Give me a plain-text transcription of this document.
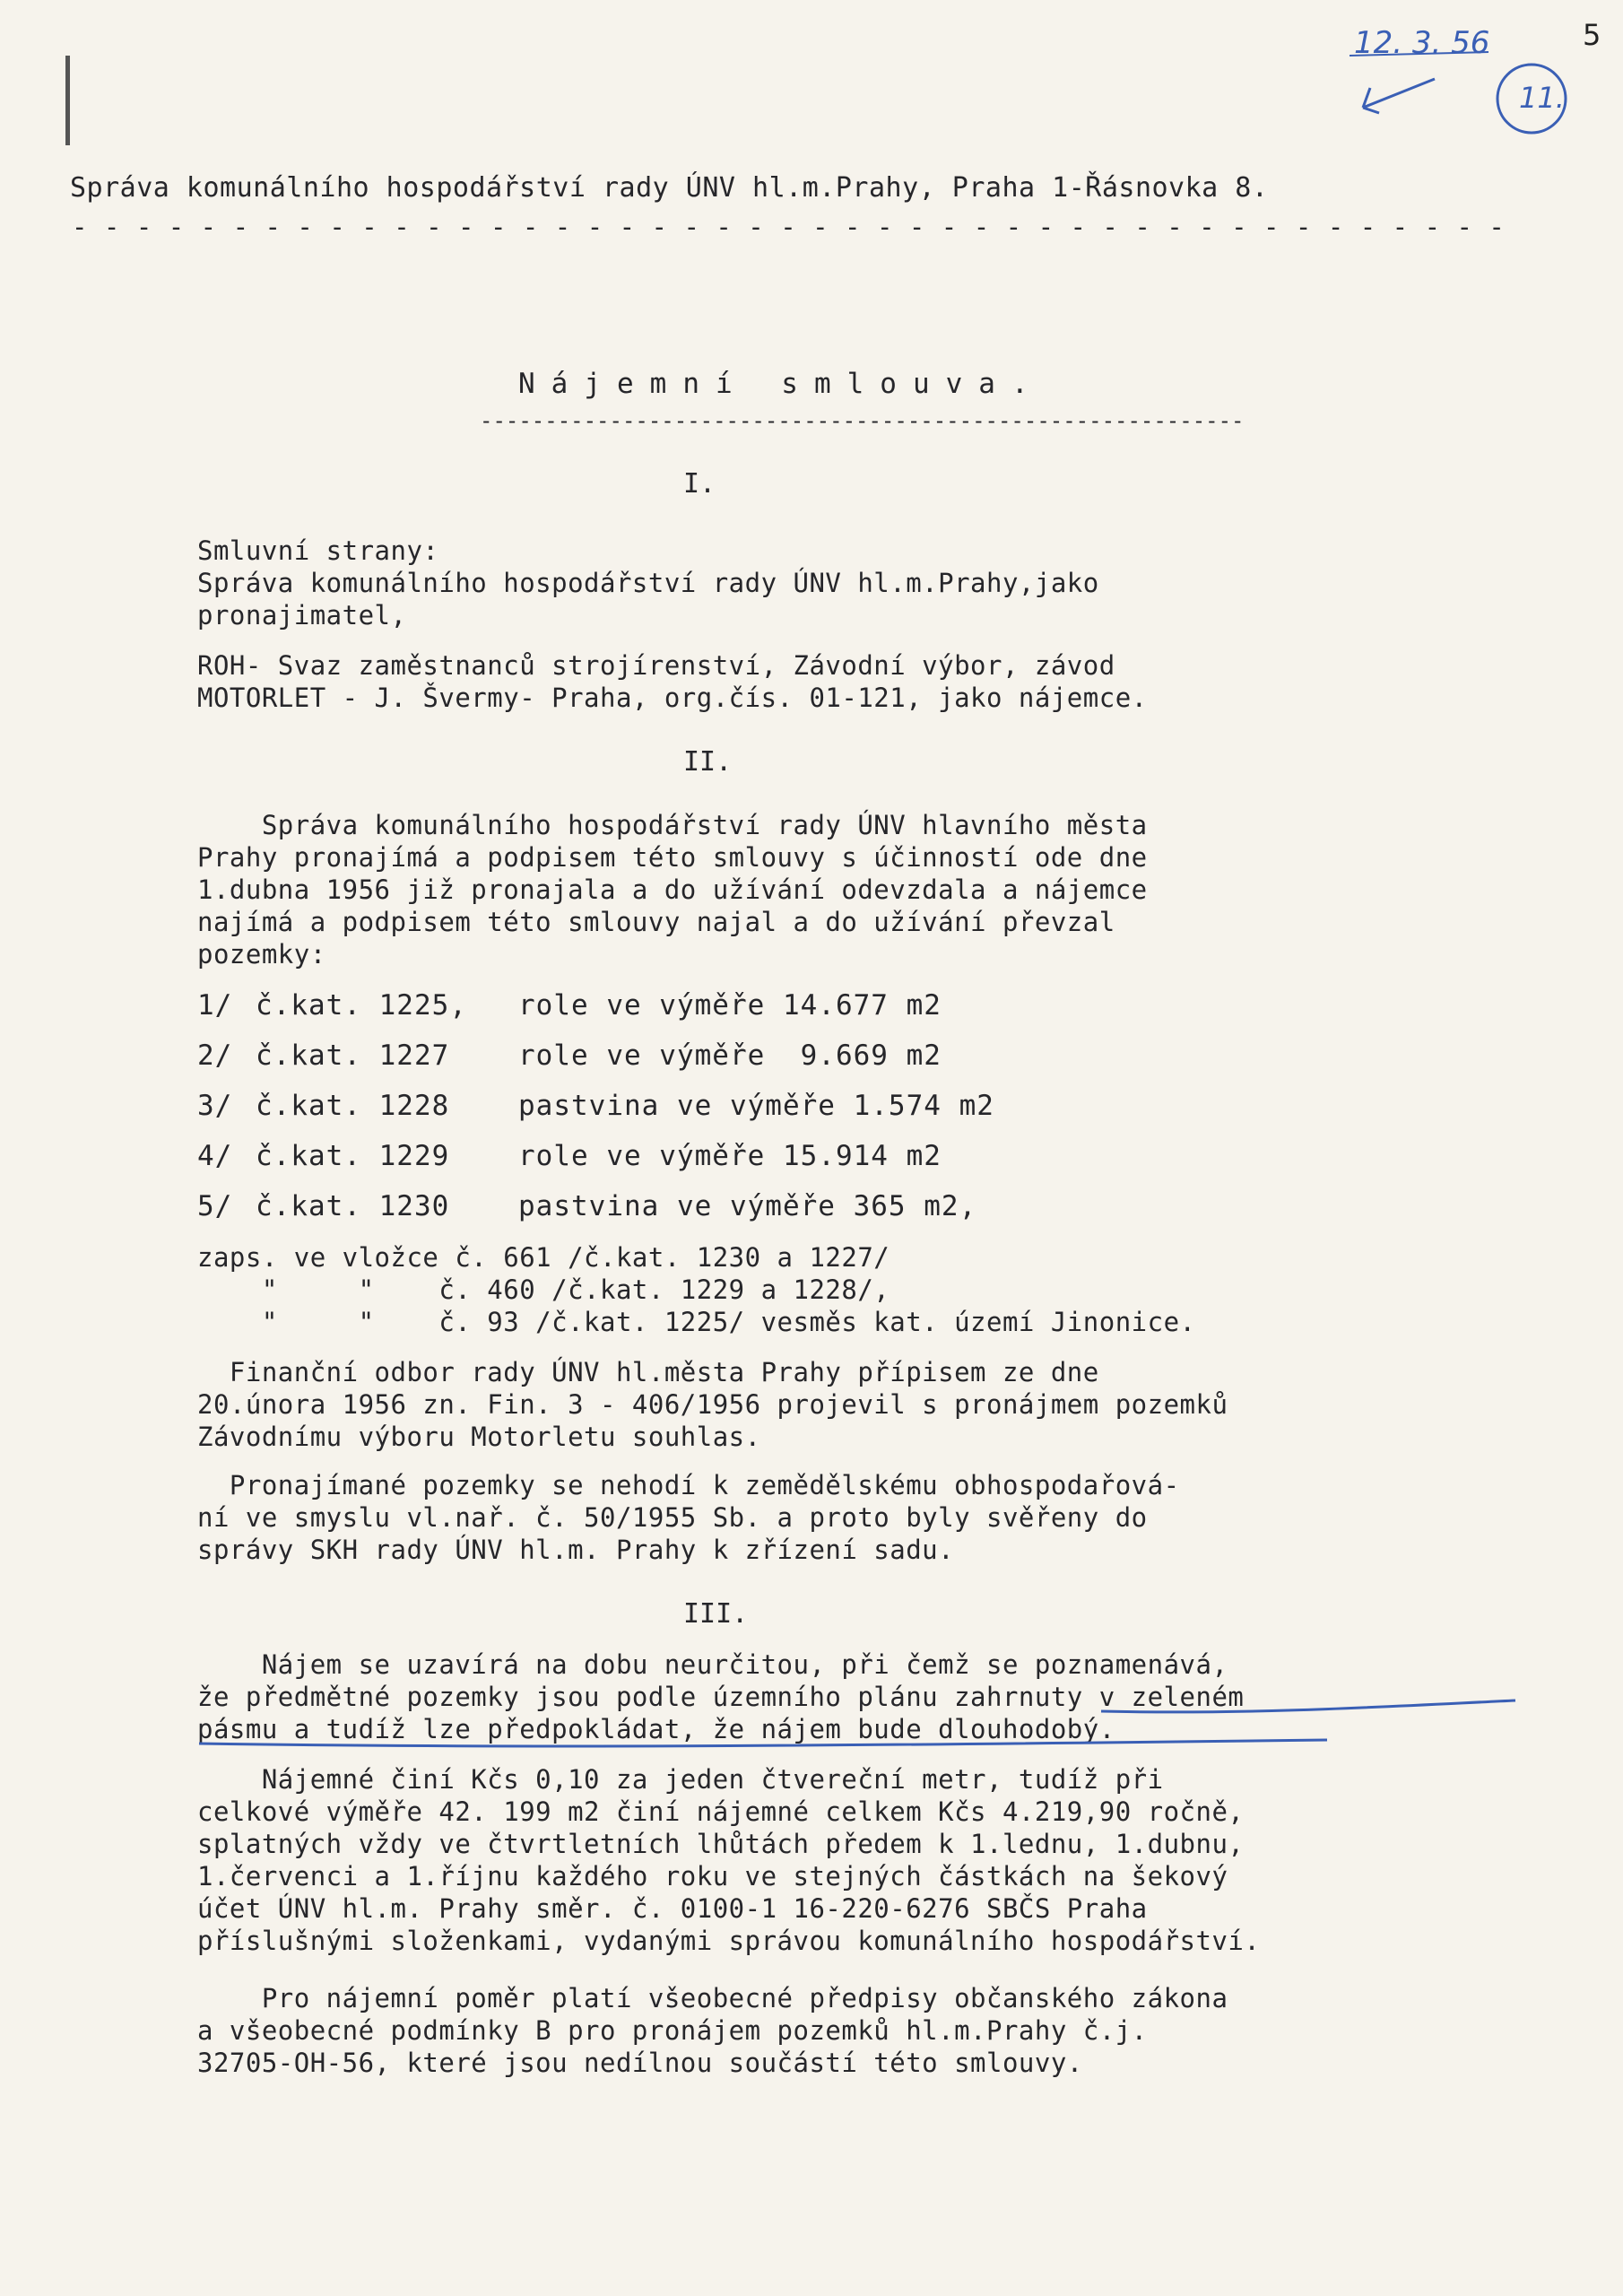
12. 3. 56	5
11.
Správa komunálního hospodářství rady ÚNV hl.m.Prahy, Praha 1-Řásnovka 8.
- - - - - - - - - - - - - - - - - - - - - - - - - - - - - - - - - - - - - - - - - - - - -
Nájemní smlouva.
-----------------------------------------------------------
I.
Smluvní strany:
Správa komunálního hospodářství rady ÚNV hl.m.Prahy,jako
pronajimatel,
ROH- Svaz zaměstnanců strojírenství, Závodní výbor, závod
MOTORLET - J. Švermy- Praha, org.čís. 01-121, jako nájemce.
II.
Správa komunálního hospodářství rady ÚNV hlavního města
Prahy pronajímá a podpisem této smlouvy s účinností ode dne
1.dubna 1956 již pronajala a do užívání odevzdala a nájemce
najímá a podpisem této smlouvy najal a do užívání převzal
pozemky:
1/ č.kat. 1225, role ve výměře 14.677 m2
2/ č.kat. 1227 role ve výměře  9.669 m2
3/ č.kat. 1228 pastvina ve výměře 1.574 m2
4/ č.kat. 1229 role ve výměře 15.914 m2
5/ č.kat. 1230 pastvina ve výměře 365 m2,
zaps. ve vložce č. 661 /č.kat. 1230 a 1227/
"     "    č. 460 /č.kat. 1229 a 1228/,
"     "    č. 93 /č.kat. 1225/ vesměs kat. území Jinonice.
Finanční odbor rady ÚNV hl.města Prahy přípisem ze dne
20.února 1956 zn. Fin. 3 - 406/1956 projevil s pronájmem pozemků
Závodnímu výboru Motorletu souhlas.
Pronajímané pozemky se nehodí k zemědělskému obhospodařová-
ní ve smyslu vl.nař. č. 50/1955 Sb. a proto byly svěřeny do
správy SKH rady ÚNV hl.m. Prahy k zřízení sadu.
III.
Nájem se uzavírá na dobu neurčitou, při čemž se poznamenává,
že předmětné pozemky jsou podle územního plánu zahrnuty v zeleném
pásmu a tudíž lze předpokládat, že nájem bude dlouhodobý.
Nájemné činí Kčs 0,10 za jeden čtvereční metr, tudíž při
celkové výměře 42. 199 m2 činí nájemné celkem Kčs 4.219,90 ročně,
splatných vždy ve čtvrtletních lhůtách předem k 1.lednu, 1.dubnu,
1.červenci a 1.říjnu každého roku ve stejných částkách na šekový
účet ÚNV hl.m. Prahy směr. č. 0100-1 16-220-6276 SBČS Praha
příslušnými složenkami, vydanými správou komunálního hospodářství.
Pro nájemní poměr platí všeobecné předpisy občanského zákona
a všeobecné podmínky B pro pronájem pozemků hl.m.Prahy č.j.
32705-OH-56, které jsou nedílnou součástí této smlouvy.
